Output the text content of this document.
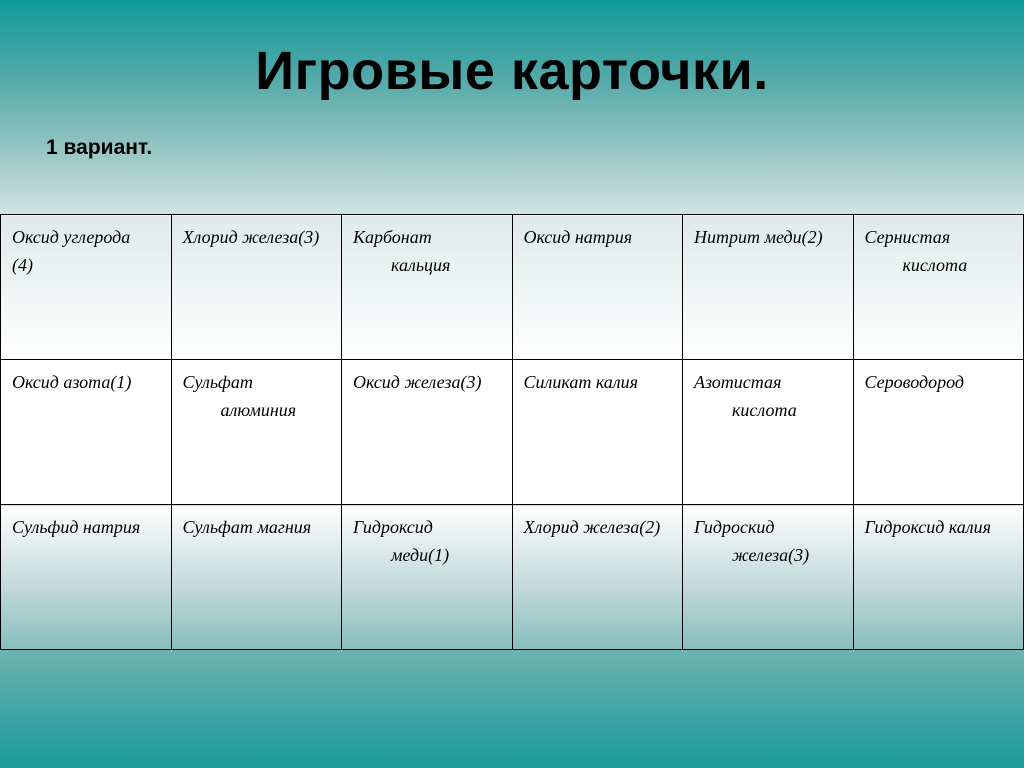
Игровые карточки.
1 вариант.
Оксид углерода
(4)	Хлорид железа(3)	Карбонат
кальция	Оксид натрия	Нитрит меди(2)	Сернистая
кислота

Оксид азота(1)	Сульфат
алюминия	Оксид железа(3)	Силикат калия	Азотистая
кислота	Сероводород
Сульфид натрия	Сульфат магния	Гидроксид
меди(1)	Хлорид железа(2)	Гидроскид
железа(3)	Гидроксид калия
